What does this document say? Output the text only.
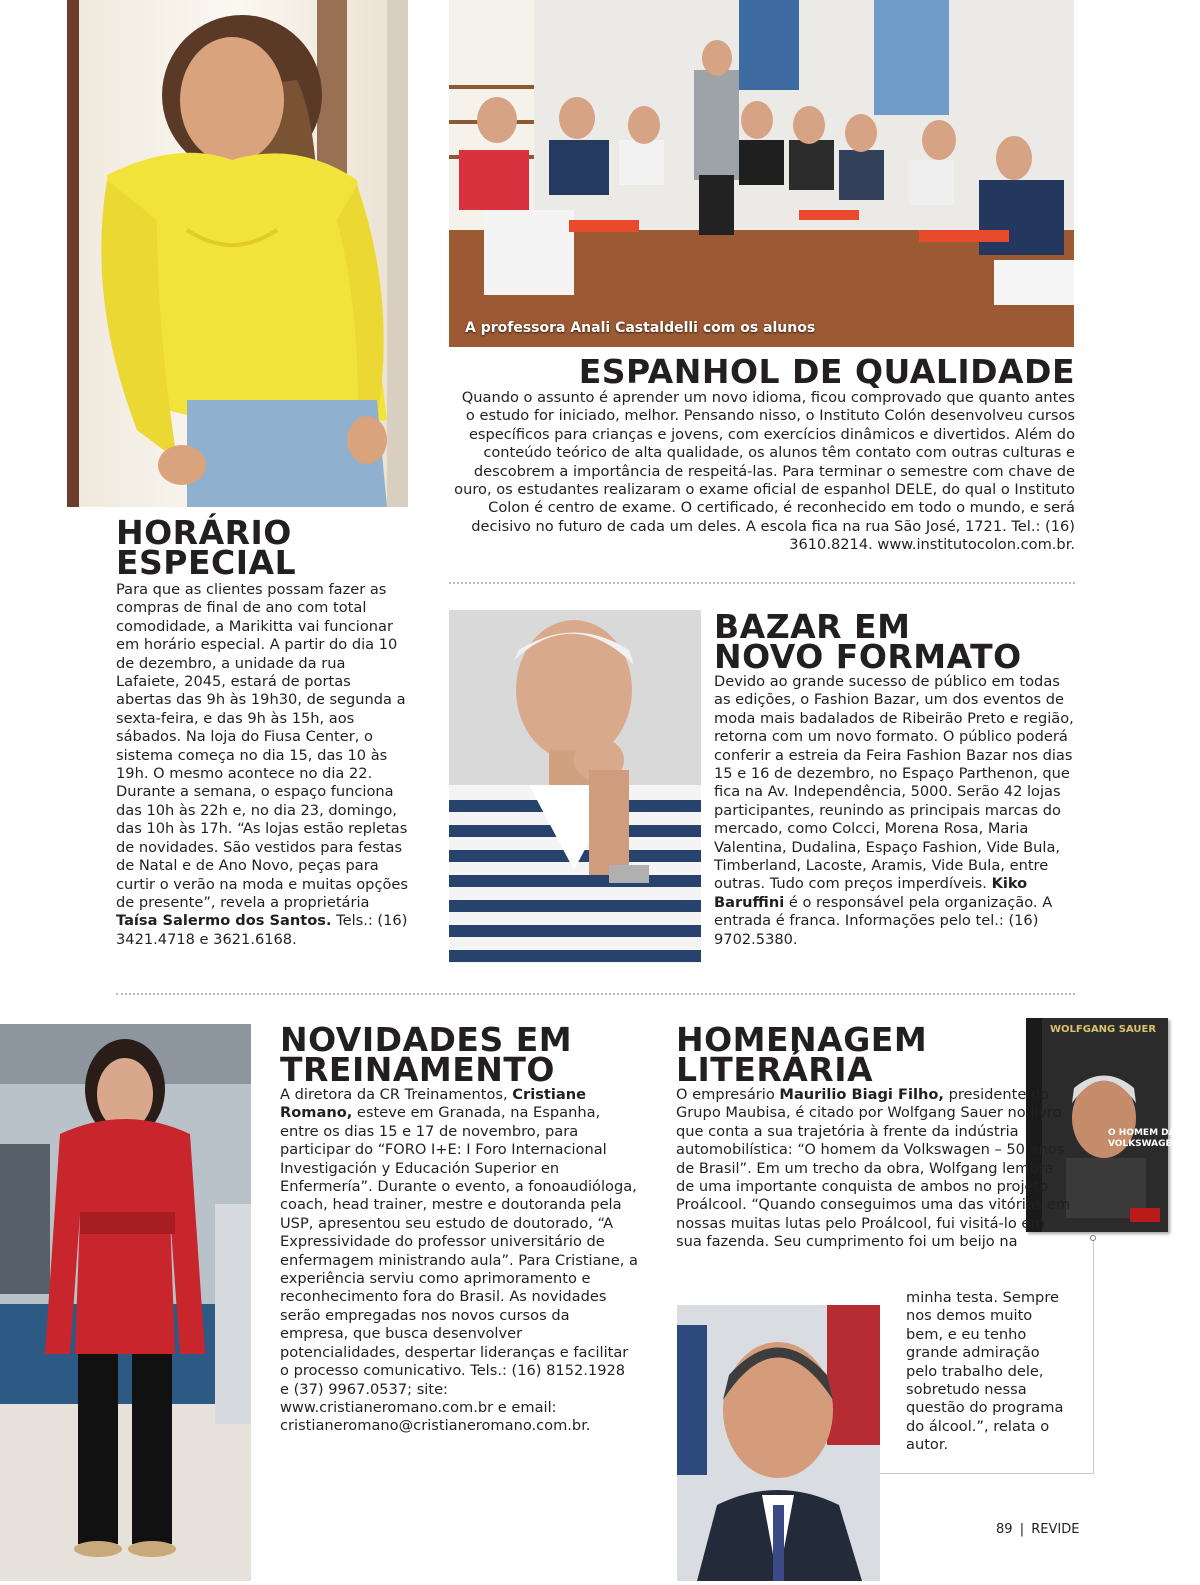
A professora Anali Castaldelli com os alunos
ESPANHOL DE QUALIDADE
Quando o assunto é aprender um novo idioma, ficou comprovado que quanto antes o estudo for iniciado, melhor. Pensando nisso, o Instituto Colón desenvolveu cursos específicos para crianças e jovens, com exercícios dinâmicos e divertidos. Além do conteúdo teórico de alta qualidade, os alunos têm contato com outras culturas e descobrem a importância de respeitá-las. Para terminar o semestre com chave de ouro, os estudantes realizaram o exame oficial de espanhol DELE, do qual o Instituto Colon é centro de exame. O certificado, é reconhecido em todo o mundo, e será decisivo no futuro de cada um deles. A escola fica na rua São José, 1721. Tel.: (16) 3610.8214. www.institutocolon.com.br.
HORÁRIO
ESPECIAL
Para que as clientes possam fazer as compras de final de ano com total comodidade, a Marikitta vai funcionar em horário especial. A partir do dia 10 de dezembro, a unidade da rua Lafaiete, 2045, estará de portas abertas das 9h às 19h30, de segunda a sexta-feira, e das 9h às 15h, aos sábados. Na loja do Fiusa Center, o sistema começa no dia 15, das 10 às 19h. O mesmo acontece no dia 22. Durante a semana, o espaço funciona das 10h às 22h e, no dia 23, domingo, das 10h às 17h. “As lojas estão repletas de novidades. São vestidos para festas de Natal e de Ano Novo, peças para curtir o verão na moda e muitas opções de presente”, revela a proprietária Taísa Salermo dos Santos. Tels.: (16) 3421.4718 e 3621.6168.
BAZAR EM
NOVO FORMATO
Devido ao grande sucesso de público em todas as edições, o Fashion Bazar, um dos eventos de moda mais badalados de Ribeirão Preto e região, retorna com um novo formato. O público poderá conferir a estreia da Feira Fashion Bazar nos dias 15 e 16 de dezembro, no Espaço Parthenon, que fica na Av. Independência, 5000. Serão 42 lojas participantes, reunindo as principais marcas do mercado, como Colcci, Morena Rosa, Maria Valentina, Dudalina, Espaço Fashion, Vide Bula, Timberland, Lacoste, Aramis, Vide Bula, entre outras. Tudo com preços imperdíveis. Kiko Baruffini é o responsável pela organização. A entrada é franca. Informações pelo tel.: (16) 9702.5380.
NOVIDADES EM
TREINAMENTO
A diretora da CR Treinamentos, Cristiane Romano, esteve em Granada, na Espanha, entre os dias 15 e 17 de novembro, para participar do “FORO I+E: I Foro Internacional Investigación y Educación Superior en Enfermería”. Durante o evento, a fonoaudióloga, coach, head trainer, mestre e doutoranda pela USP, apresentou seu estudo de doutorado, “A Expressividade do professor universitário de enfermagem ministrando aula”. Para Cristiane, a experiência serviu como aprimoramento e reconhecimento fora do Brasil. As novidades serão empregadas nos novos cursos da empresa, que busca desenvolver potencialidades, despertar lideranças e facilitar o processo comunicativo. Tels.: (16) 8152.1928 e (37) 9967.0537; site: www.cristianeromano.com.br e email: cristianeromano@cristianeromano.com.br.
HOMENAGEM
LITERÁRIA
WOLFGANG SAUER
O HOMEM DA
VOLKSWAGEN
O empresário Maurilio Biagi Filho, presidente do Grupo Maubisa, é citado por Wolfgang Sauer no livro que conta a sua trajetória à frente da indústria automobilística: “O homem da Volkswagen – 50 anos de Brasil”. Em um trecho da obra, Wolfgang lembra de uma importante conquista de ambos no projeto Proálcool. “Quando conseguimos uma das vitórias em nossas muitas lutas pelo Proálcool, fui visitá-lo em sua fazenda. Seu cumprimento foi um beijo na
minha testa. Sempre nos demos muito bem, e eu tenho grande admiração pelo trabalho dele, sobretudo nessa questão do programa do álcool.”, relata o autor.
89 | REVIDE
